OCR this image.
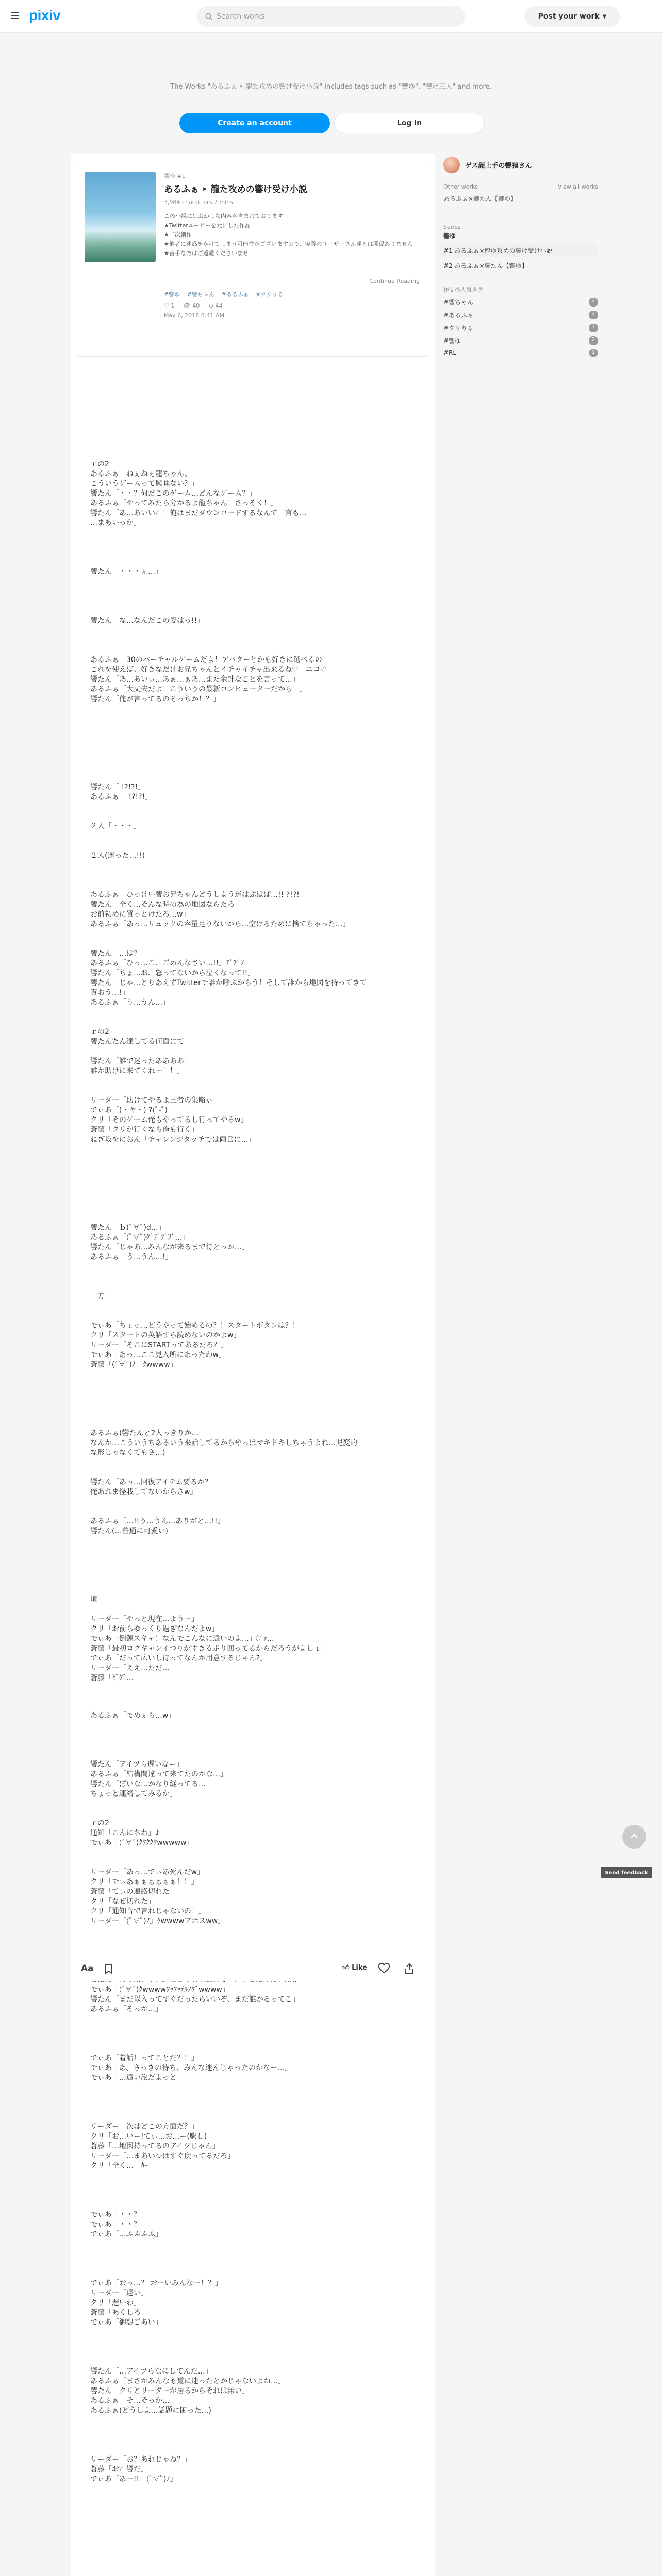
pixiv	Search works	Post your work ▼
The Works "あるふぁ ‣ 龍た攻めの響け受け小説" includes tags such as "響ゆ", "響け三人" and more.
Create an account	Log in
響ゆ #1
あるふぁ ‣ 龍た攻めの響け受け小説
3,984 characters 7 mins
この小説にはおかしな内容が含まれております
★Twitterユーザーを元にした作品
★二次創作
★他者に迷惑をかけてしまう可能性がございますので、実際のユーザーさん達とは関係ありません
★苦手な方はご遠慮くださいませ
Continue Reading
#響ゆ #響ちゃん #あるふぁ #クリりる
♡ 1 👁 40 ⊙ 44
May 6, 2018 6:41 AM

ｒの2

あるふぁ「ねぇねぇ龍ちゃん、

こういうゲームって興味ない？」

響たん「・・？何だこのゲーム…どんなゲーム？」

あるふぁ「やってみたら分かるよ龍ちゃん！さっそく！」

響たん「あ…あいい？！俺はまだダウンロードするなんて一言も…

…まあいっか」

響たん「・・・ぇ…」

響たん「な…なんだこの姿はっ!!」

あるふぁ「30のバーチャルゲームだよ！アバターとかも好きに選べるの！

これを使えば、好きなだけお兄ちゃんとイチャイチャ出来るね♡」ニコ♡

響たん「あ…あいぃ…あぁ…ぁあ…また余計なことを言って…」

あるふぁ「大丈夫だよ！こういうの最新コンピューターだから！」

響たん「俺が言ってるのそっちか！？」

響たん「 !?!?!」

あるふぁ「 !?!?!」

２人「・・・」

２人(迷った…!!)

あるふぁ「ひっけい響お兄ちゃんどうしよう迷はぷはぱ…!! ?!?!

響たん「全く…そんな時の為の地図ならたろ」

お前初めに買っとけたろ…w」

あるふぁ「あっ…リュックの容量足りないから…空けるために捨てちゃった…」

響たん「…は？」

あるふぁ「ひっ…ご、ごめんなさい…!!」ﾃﾞﾃﾞﾂ

響たん「ちょ…お、怒ってないから泣くなって!!」

響たん「じゃ…とりあえずTwitterで誰か呼ぶからう！そして誰から地図を持ってきて

貰おう…!」

あるふぁ「う…うん…」

ｒの2

響たんたん達してる何面にて

響たん「誰で迷ったああああ！

誰か助けに来てくれ～！！」

リーダー「助けてやるよ三者の集略ぃ

でぃあ「(・ヤ・) ?(ﾟ-ﾟ)

クリ「そのゲーム俺もやってるし行ってやるw」

蒼藤「クリが行くなら俺も行く」

ねぎ坂をにおん「チャレンジタッチでは両Ｅに…」

響たん「ｂ(ﾟ∀ﾟ)d…」

あるふぁ「(ﾟ∀ﾟ)ｸﾞﾌﾞｸﾞﾌﾞ…」

響たん「じゃあ…みんなが来るまで待とっか…」

あるふぁ「う…うん…!」

一方

でぃあ「ちょっ…どうやって始めるの？！スタートボタンは？！」

クリ「スタートの英語すら読めないのかよw」

リーダー「そこにSTARTってあるだろ？」

でぃあ「あっ…ここ見入所にあったわw」

蒼藤「(ﾟ∀ﾟ)ﾉ」ｸwwww」

あるふぁ(響たんと2人っきりか…

なんか…こういうちあるいう来話してるからやっぱマキドキしちゃうよね…児変的

な形じゃなくてもさ…)

響たん「あっ…回復アイテム要るか？

俺あれま怪我してないからさw」

あるふぁ「…!!う…うん…ありがと…!!」

響たん(…普通に可愛い)

頃

リーダー「やっと現在…ようー」

クリ「お前らゆっくり過ぎなんだよw」

でぃあ「倒錬スキャ！なんでこんなに遠いのよ…」ﾎﾟｧ…

蒼藤「最初ロクギャンイつりがすきる走り回ってるからだろうがよしょ」

でぃあ「だって広いし待ってなんか用意するじゃん?」

リーダー「ええ…ただ…

蒼藤「ｾﾞｸﾞ…

あるふぁ「でめぇら…w」

響たん「アイツら遅いなー」

あるふぁ「結構間違って来てたのかな…」

響たん「ぼいな…かなり経ってる…

ちょっと連絡してみるか」

ｒの2

通知「こんにちわ」♪

でぃあ「(ﾟ∀ﾟ)ｸｸｸｸｸwwwww」

リーダー「あっ…でぃあ死んだw」

クリ「でぃあぁぁぁぁぁぁ！！」

蒼藤「てぃの連絡切れた」

クリ「なぜ切れた」

クリ「通知音で言れじゃないの！」

リーダー「(ﾟ∀ﾟ)ﾉ」ｸwwwwアホスww」

でぃあ「(ﾟ∀ﾟ)ｸwwwwﾜｯﾌｯﾃﾙﾉﾀﾞwwww」

響たん「まだ以入ってすぐだったらいいぞ、まだ誰かるってこ」

あるふぁ「そっか…」

でぃあ「着話！ってことだ？！」

でぃあ「あ、さっきの待ち、みんな迷んじゃったのかなー…」

でぃあ「…遠い旅だよっと」

リーダー「次はどこの方面だ？」

クリ「お…いー!てぃ…お…ー(駅し)

蒼藤「…地図持ってるのアイツじゃん」

リーダー「…まあいつはすぐ戻ってるだろ」

クリ「全く…」ｶｰ

でぃあ「・・？」

でぃあ「・・？」

でぃあ「…ふふふふ」

でぃあ「おっ…？ おーいみんなー！？」

リーダー「遅い」

クリ「遅いわ」

蒼藤「あくしろ」

でぃあ「御想ごあい」

響たん「…アイツらなにしてんだ…」

あるふぁ「まさかみんなも道に迷ったとかじゃないよね…」

響たん「クリとリーダーが居るからそれは無い」

あるふぁ「そ…そっか…」

あるふぁ(どうしよ…話題に困った…)

リーダー「お？あれじゃね？」

蒼藤「お？響だ」

でぃあ「あー!!！(ﾟ∀ﾟ)ﾉ」

Aa	👍︎ Like
ゲス顔上手の響猿さん
Other works	View all works
あるふぁ×響たん【響ゆ】
Series
響ゆ
#1 あるふぁ×龍ゆ攻めの響け受け小説
#2 あるふぁ×響たん【響ゆ】
作品の人気タグ
#響ちゃん	2
#あるふぁ	2
#クリりる	1
#響ゆ	2
#RL	1
Send feedback
